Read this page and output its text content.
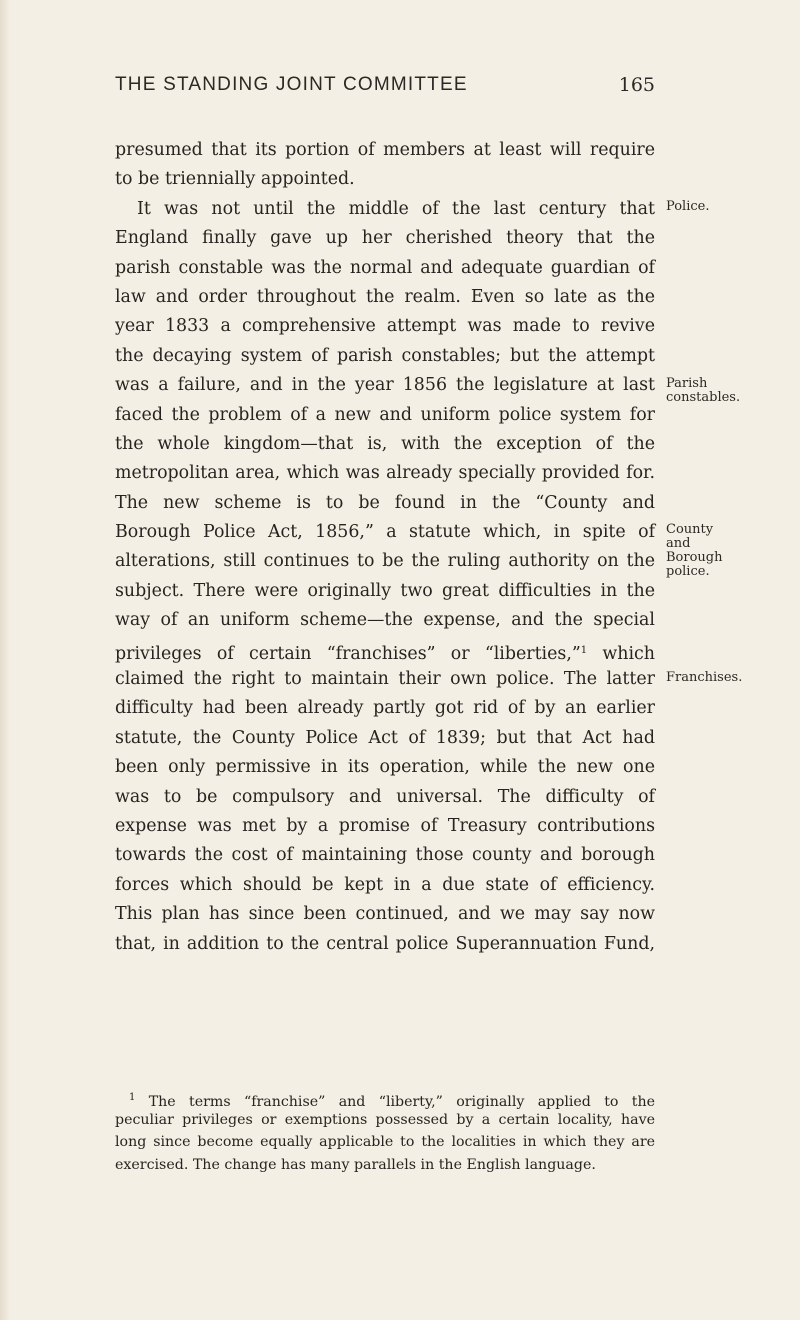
THE STANDING JOINT COMMITTEE	165
presumed that its portion of members at least will require
to be triennially appointed.
It was not until the middle of the last century that
England finally gave up her cherished theory that the
parish constable was the normal and adequate guardian of
law and order throughout the realm. Even so late as the
year 1833 a comprehensive attempt was made to revive
the decaying system of parish constables; but the attempt
was a failure, and in the year 1856 the legislature at last
faced the problem of a new and uniform police system for
the whole kingdom—that is, with the exception of the
metropolitan area, which was already specially provided for.
The new scheme is to be found in the “County and
Borough Police Act, 1856,” a statute which, in spite of
alterations, still continues to be the ruling authority on the
subject. There were originally two great difficulties in the
way of an uniform scheme—the expense, and the special
privileges of certain “franchises” or “liberties,”$^1$ which
claimed the right to maintain their own police. The latter
difficulty had been already partly got rid of by an earlier
statute, the County Police Act of 1839; but that Act had
been only permissive in its operation, while the new one
was to be compulsory and universal. The difficulty of
expense was met by a promise of Treasury contributions
towards the cost of maintaining those county and borough
forces which should be kept in a due state of efficiency.
This plan has since been continued, and we may say now
that, in addition to the central police Superannuation Fund,
Police.
Parish
constables.
County
and
Borough
police.
Franchises.
$^1$ The terms “franchise” and “liberty,” originally applied to the
peculiar privileges or exemptions possessed by a certain locality, have
long since become equally applicable to the localities in which they are
exercised. The change has many parallels in the English language.
